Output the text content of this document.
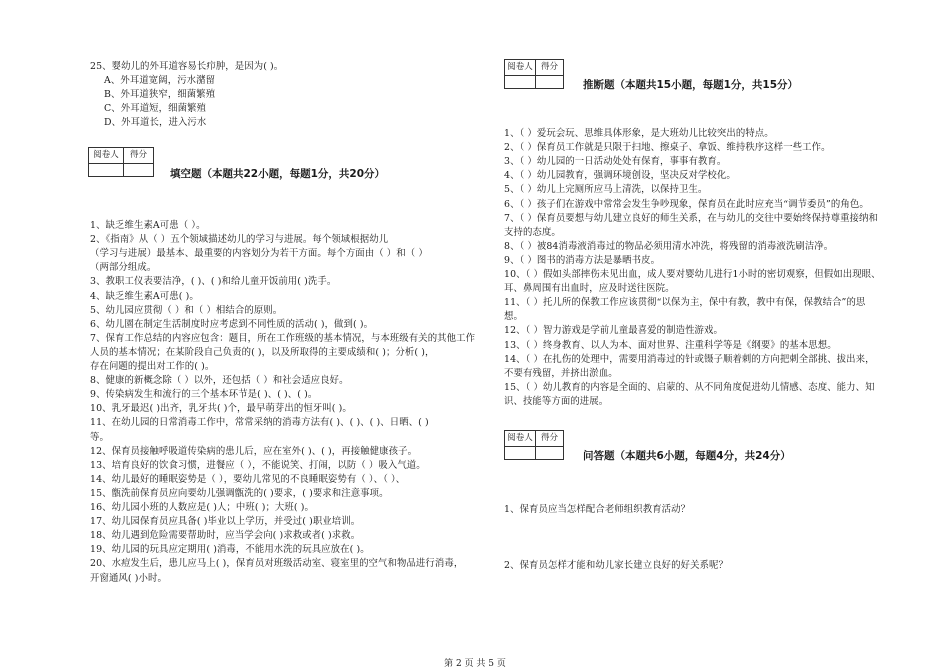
25、婴幼儿的外耳道容易长疖肿，是因为( )。
A、外耳道宽阔，污水潴留
B、外耳道狭窄，细菌繁殖
C、外耳道短，细菌繁殖
D、外耳道长，进入污水
阅卷人	得分
填空题（本题共22小题，每题1分，共20分）
1、缺乏维生素A可患（ ）。
2、《指南》从（ ）五个领域描述幼儿的学习与进展。每个领域根据幼儿
（学习与进展）最基本、最重要的内容划分为若干方面。每个方面由（ ）和（ ）
（两部分组成。
3、教职工仪表要洁净，( )、( )和给儿童开饭前用( )洗手。
4、缺乏维生素A可患( )。
5、幼儿园应贯彻（ ）和（ ）相结合的原则。
6、幼儿園在制定生活制度时应考虑到不同性质的活动( )，做到( )。
7、保育工作总结的内容应包含：题目，所在工作班级的基本情况，与本班级有关的其他工作
人员的基本情况；在某阶段自己负责的( )，以及所取得的主要成绩和( )；分析( )，
存在问题的提出对工作的( )。
8、健康的新概念除（ ）以外，还包括（ ）和社会适应良好。
9、传染病发生和流行的三个基本环节是( )、( )、( )。
10、乳牙最迟( )出齐，乳牙共( )个，最早萌芽出的恒牙叫( )。
11、在幼儿园的日常消毒工作中，常常采纳的消毒方法有( )、( )、( )、日晒、( )
等。
12、保育员接触呼吸道传染病的患儿后，应在室外( )、( )，再接触健康孩子。
13、培育良好的饮食习惯，进餐应（ ），不能说笑、打闹，以防（ ）吸入气道。
14、幼儿最好的睡眠姿势是（ ），要幼儿常见的不良睡眠姿势有（ ）、（ ）、
15、甑洗前保育员应向要幼儿强调甑洗的( )要求，( )要求和注意事项。
16、幼儿园小班的人数应是( )人；中班( )；大班( )。
17、幼儿园保育员应具备( )毕业以上学历，并受过( )职业培训。
18、幼儿遇到危险需要帮助时，应当学会向( )求救或者( )求救。
19、幼儿园的玩具应定期用( )消毒，不能用水洗的玩具应放在( )。
20、水痘发生后，患儿应马上( )，保育员对班级活动室、寝室里的空气和物品进行消毒，
开窗通风( )小时。
阅卷人 得分
推断题（本题共15小题，每题1分，共15分）
1、（ ）爱玩会玩、思维具体形象，是大班幼儿比较突出的特点。
2、（ ）保育员工作就是只限于扫地、擦桌子、拿饭、维持秩序这样一些工作。
3、（ ）幼儿园的一日活动处处有保育，事事有教育。
4、（ ）幼儿园教育，强调环境创设，坚决反对学校化。
5、（ ）幼儿上完厕所应马上清洗，以保持卫生。
6、（ ）孩子们在游戏中常常会发生争吵现象，保育员在此时应充当“调节委员”的角色。
7、（ ）保育员要想与幼儿建立良好的师生关系，在与幼儿的交往中要始终保持尊重接纳和
支持的态度。
8、（ ）被84消毒液消毒过的物品必须用清水冲洗，将残留的消毒液洗刷洁净。
9、（ ）图书的消毒方法是暴晒书皮。
10、（ ）假如头部摔伤未见出血，成人要对婴幼儿进行1小时的密切观察，但假如出现眼、
耳、鼻周围有出血时，应及时送往医院。
11、（ ）托儿所的保教工作应该贯彻“以保为主，保中有教，教中有保，保教结合”的思
想。
12、（ ）智力游戏是学前儿童最喜爱的制造性游戏。
13、（ ）终身教育、以人为本、面对世界、注重科学等是《纲要》的基本思想。
14、（ ）在扎伤的处理中，需要用消毒过的针或镊子顺着刺的方向把刺全部挑、拔出来，
不要有残留，并挤出淤血。
15、（ ）幼儿教育的内容是全面的、启蒙的、从不同角度促进幼儿情感、态度、能力、知
识、技能等方面的进展。
阅卷人 得分
问答题（本题共6小题，每题4分，共24分）
1、保育员应当怎样配合老师组织教育活动？
2、保育员怎样才能和幼儿家长建立良好的好关系呢？
第 2 页 共 5 页
